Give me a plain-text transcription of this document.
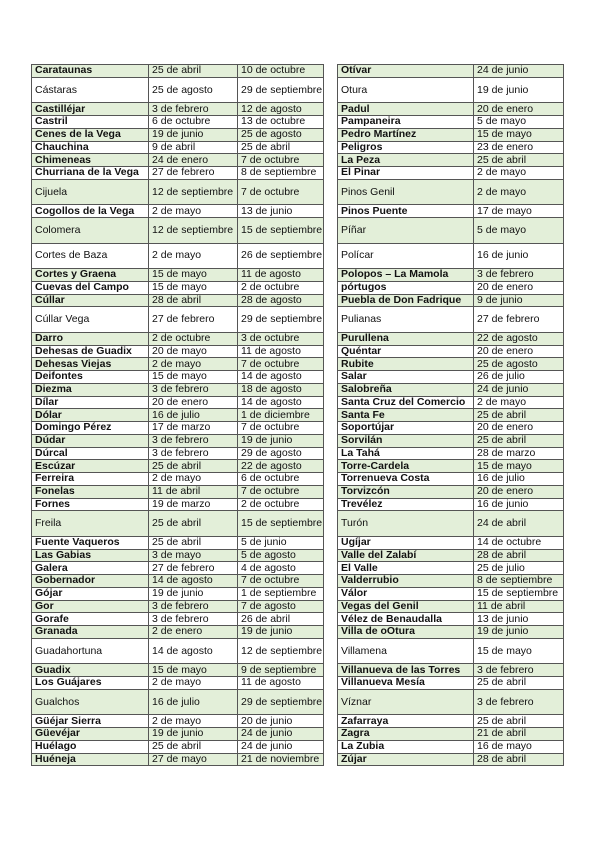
Carataunas	25 de abril	10 de octubre
Cástaras	25 de agosto	29 de septiembre
Castilléjar	3 de febrero	12 de agosto
Castril	6 de octubre	13 de octubre
Cenes de la Vega	19 de junio	25 de agosto
Chauchina	9 de abril	25 de abril
Chimeneas	24 de enero	7 de octubre
Churriana de la Vega	27 de febrero	8 de septiembre
Cijuela	12 de septiembre	7 de octubre
Cogollos de la Vega	2 de mayo	13 de junio
Colomera	12 de septiembre	15 de septiembre
Cortes de Baza	2 de mayo	26 de septiembre
Cortes y Graena	15 de mayo	11 de agosto
Cuevas del Campo	15 de mayo	2 de octubre
Cúllar	28 de abril	28 de agosto
Cúllar Vega	27 de febrero	29 de septiembre
Darro	2 de octubre	3 de octubre
Dehesas de Guadix	20 de mayo	11 de agosto
Dehesas Viejas	2 de mayo	7 de octubre
Deifontes	15 de mayo	14 de agosto
Diezma	3 de febrero	18 de agosto
Dílar	20 de enero	14 de agosto
Dólar	16 de julio	1 de diciembre
Domingo Pérez	17 de marzo	7 de octubre
Dúdar	3 de febrero	19 de junio
Dúrcal	3 de febrero	29 de agosto
Escúzar	25 de abril	22 de agosto
Ferreira	2 de mayo	6 de octubre
Fonelas	11 de abril	7 de octubre
Fornes	19 de marzo	2 de octubre
Freila	25 de abril	15 de septiembre
Fuente Vaqueros	25 de abril	5 de junio
Las Gabias	3 de mayo	5 de agosto
Galera	27 de febrero	4 de agosto
Gobernador	14 de agosto	7 de octubre
Gójar	19 de junio	1 de septiembre
Gor	3 de febrero	7 de agosto
Gorafe	3 de febrero	26 de abril
Granada	2 de enero	19 de junio
Guadahortuna	14 de agosto	12 de septiembre
Guadix	15 de mayo	9 de septiembre
Los Guájares	2 de mayo	11 de agosto
Gualchos	16 de julio	29 de septiembre
Güéjar Sierra	2 de mayo	20 de junio
Güevéjar	19 de junio	24 de junio
Huélago	25 de abril	24 de junio
Huéneja	27 de mayo	21 de noviembre
Otívar	24 de junio
Otura	19 de junio
Padul	20 de enero
Pampaneira	5 de mayo
Pedro Martínez	15 de mayo
Peligros	23 de enero
La Peza	25 de abril
El Pinar	2 de mayo
Pinos Genil	2 de mayo
Pinos Puente	17 de mayo
Píñar	5 de mayo
Polícar	16 de junio
Polopos – La Mamola	3 de febrero
pórtugos	20 de enero
Puebla de Don Fadrique	9 de junio
Pulianas	27 de febrero
Purullena	22 de agosto
Quéntar	20 de enero
Rubite	25 de agosto
Salar	26 de julio
Salobreña	24 de junio
Santa Cruz del Comercio	2 de mayo
Santa Fe	25 de abril
Soportújar	20 de enero
Sorvilán	25 de abril
La Tahá	28 de marzo
Torre-Cardela	15 de mayo
Torrenueva Costa	16 de julio
Torvizcón	20 de enero
Trevélez	16 de junio
Turón	24 de abril
Ugíjar	14 de octubre
Valle del Zalabí	28 de abril
El Valle	25 de julio
Valderrubio	8 de septiembre
Válor	15 de septiembre
Vegas del Genil	11 de abril
Vélez de Benaudalla	13 de junio
Villa de oOtura	19 de junio
Villamena	15 de mayo
Villanueva de las Torres	3 de febrero
Villanueva Mesía	25 de abril
Víznar	3 de febrero
Zafarraya	25 de abril
Zagra	21 de abril
La Zubia	16 de mayo
Zújar	28 de abril
